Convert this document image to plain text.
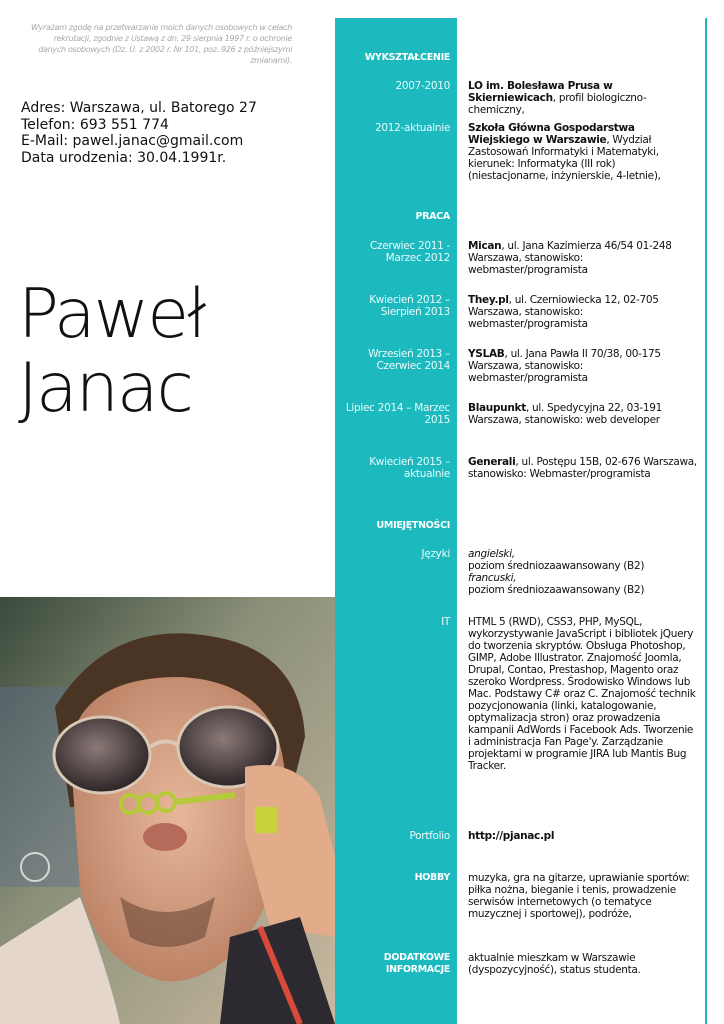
Wyrażam zgodę na przetwarzanie moich danych osobowych w celach rekrutacji, zgodnie z Ustawą z dn. 29 sierpnia 1997 r. o ochronie danych osobowych (Dz. U. z 2002 r. Nr 101, poz. 926 z późniejszymi zmianami).
Adres: Warszawa, ul. Batorego 27
Telefon: 693 551 774
E-Mail: pawel.janac@gmail.com
Data urodzenia: 30.04.1991r.
Paweł
Janac
WYKSZTAŁCENIE
2007-2010 LO im. Bolesława Prusa w Skierniewicach, profil biologiczno-chemiczny,
2012-aktualnie Szkoła Główna Gospodarstwa Wiejskiego w Warszawie, Wydział Zastosowań Informatyki i Matematyki, kierunek: Informatyka (III rok) (niestacjonarne, inżynierskie, 4-letnie),
PRACA
Czerwiec 2011 - Marzec 2012
Mican, ul. Jana Kazimierza 46/54 01-248 Warszawa, stanowisko: webmaster/programista
Kwiecień 2012 – Sierpień 2013
They.pl, ul. Czerniowiecka 12, 02-705 Warszawa, stanowisko: webmaster/programista
Wrzesień 2013 – Czerwiec 2014
YSLAB, ul. Jana Pawła II 70/38, 00-175 Warszawa, stanowisko: webmaster/programista
Lipiec 2014 – Marzec 2015
Blaupunkt, ul. Spedycyjna 22, 03-191 Warszawa, stanowisko: web developer
Kwiecień 2015 – aktualnie
Generali, ul. Postępu 15B, 02-676 Warszawa, stanowisko: Webmaster/programista
UMIEJĘTNOŚCI
Języki angielski,
poziom średniozaawansowany (B2)
francuski,
poziom średniozaawansowany (B2)
IT HTML 5 (RWD), CSS3, PHP, MySQL, wykorzystywanie JavaScript i bibliotek jQuery do tworzenia skryptów. Obsługa Photoshop, GIMP, Adobe Illustrator. Znajomość Joomla, Drupal, Contao, Prestashop, Magento oraz szeroko Wordpress. Środowisko Windows lub Mac. Podstawy C# oraz C. Znajomość technik pozycjonowania (linki, katalogowanie, optymalizacja stron) oraz prowadzenia kampanii AdWords i Facebook Ads. Tworzenie i administracja Fan Page'y. Zarządzanie projektami w programie JIRA lub Mantis Bug Tracker.
Portfolio http://pjanac.pl
HOBBY muzyka, gra na gitarze, uprawianie sportów: piłka nożna, bieganie i tenis, prowadzenie serwisów internetowych (o tematyce muzycznej i sportowej), podróże,
DODATKOWE
INFORMACJE
aktualnie mieszkam w Warszawie (dyspozycyjność), status studenta.
